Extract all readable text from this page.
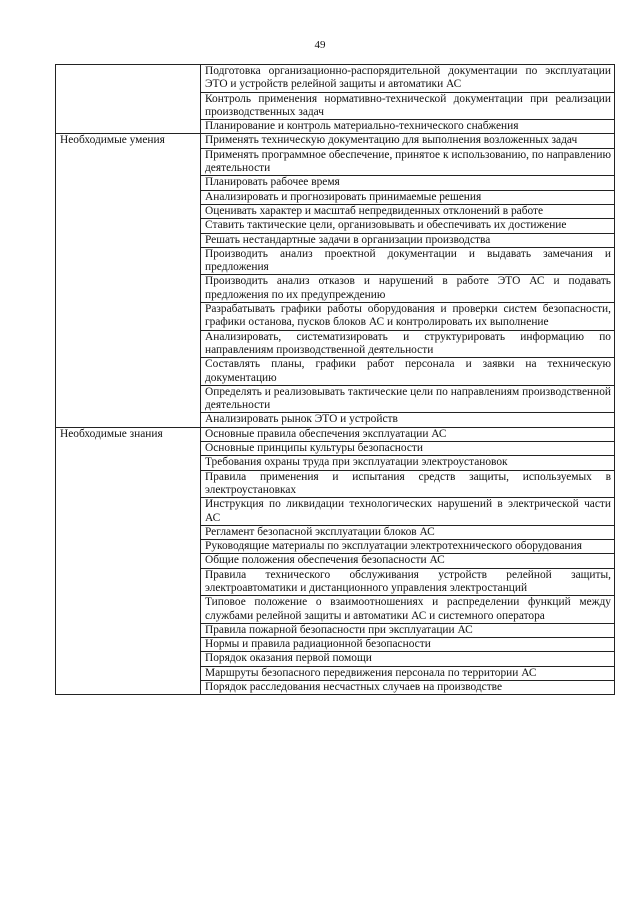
49
	Подготовка организационно-распорядительной документации по эксплуатации ЭТО и устройств релейной защиты и автоматики АС
	Контроль применения нормативно-технической документации при реализации производственных задач
	Планирование и контроль материально-технического снабжения
Необходимые умения	Применять техническую документацию для выполнения возложенных задач
	Применять программное обеспечение, принятое к использованию, по направлению деятельности
	Планировать рабочее время
	Анализировать и прогнозировать принимаемые решения
	Оценивать характер и масштаб непредвиденных отклонений в работе
	Ставить тактические цели, организовывать и обеспечивать их достижение
	Решать нестандартные задачи в организации производства
	Производить анализ проектной документации и выдавать замечания и предложения
	Производить анализ отказов и нарушений в работе ЭТО АС и подавать предложения по их предупреждению
	Разрабатывать графики работы оборудования и проверки систем безопасности, графики останова, пусков блоков АС и контролировать их выполнение
	Анализировать, систематизировать и структурировать информацию по направлениям производственной деятельности
	Составлять планы, графики работ персонала и заявки на техническую документацию
	Определять и реализовывать тактические цели по направлениям производственной деятельности
	Анализировать рынок ЭТО и устройств
Необходимые знания	Основные правила обеспечения эксплуатации АС
	Основные принципы культуры безопасности
	Требования охраны труда при эксплуатации электроустановок
	Правила применения и испытания средств защиты, используемых в электроустановках
	Инструкция по ликвидации технологических нарушений в электрической части АС
	Регламент безопасной эксплуатации блоков АС
	Руководящие материалы по эксплуатации электротехнического оборудования
	Общие положения обеспечения безопасности АС
	Правила технического обслуживания устройств релейной защиты, электроавтоматики и дистанционного управления электростанций
	Типовое положение о взаимоотношениях и распределении функций между службами релейной защиты и автоматики АС и системного оператора
	Правила пожарной безопасности при эксплуатации АС
	Нормы и правила радиационной безопасности
	Порядок оказания первой помощи
	Маршруты безопасного передвижения персонала по территории АС
	Порядок расследования несчастных случаев на производстве
